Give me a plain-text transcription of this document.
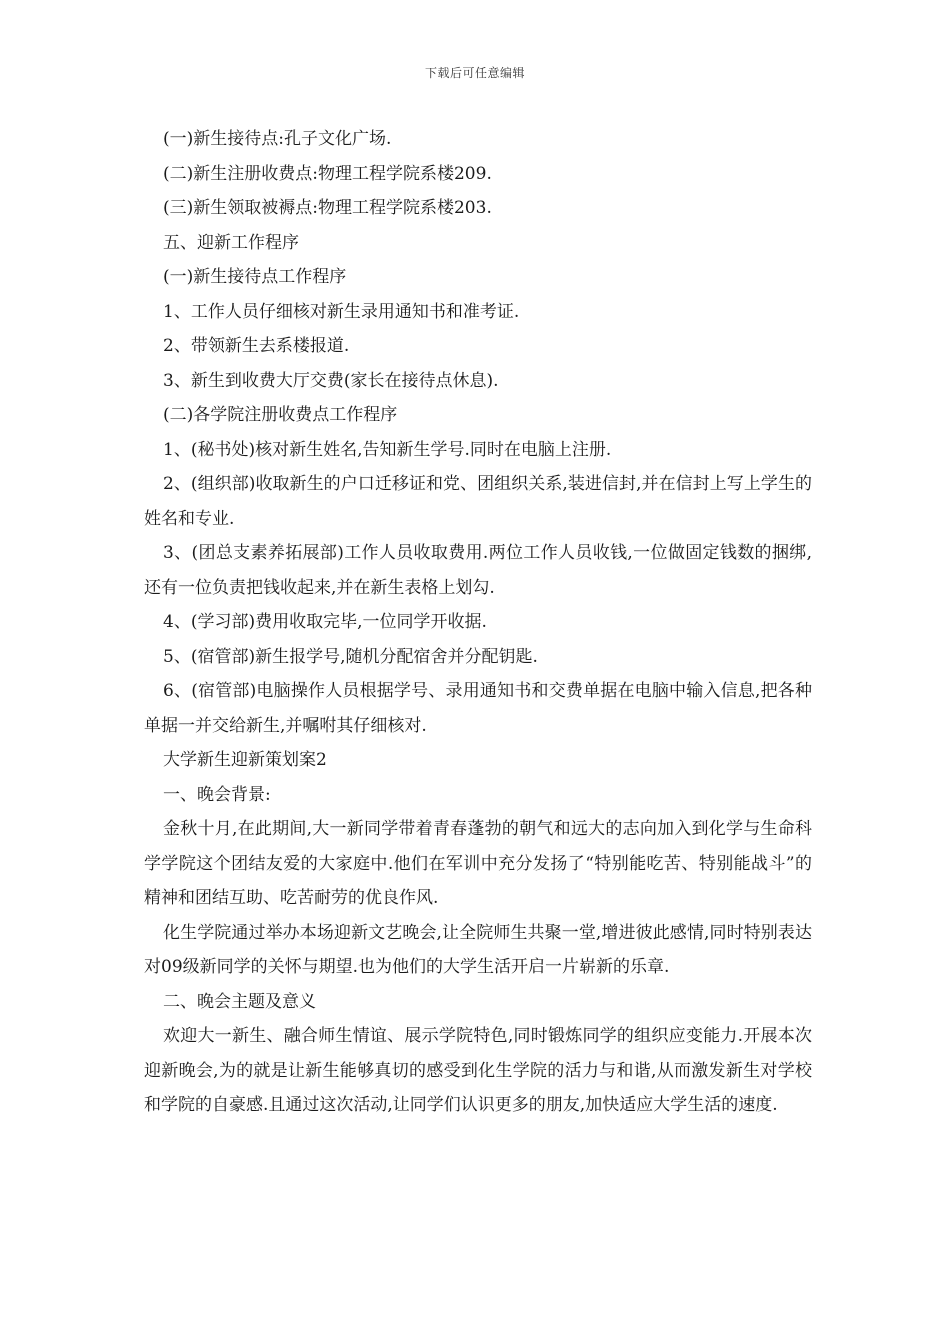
下载后可任意编辑

(一)新生接待点:孔子文化广场.

(二)新生注册收费点:物理工程学院系楼209.

(三)新生领取被褥点:物理工程学院系楼203.

五、迎新工作程序

(一)新生接待点工作程序

1、工作人员仔细核对新生录用通知书和准考证.

2、带领新生去系楼报道.

3、新生到收费大厅交费(家长在接待点休息).

(二)各学院注册收费点工作程序

1、(秘书处)核对新生姓名,告知新生学号.同时在电脑上注册.

2、(组织部)收取新生的户口迁移证和党、团组织关系,装进信封,并在信封上写上学生的姓名和专业.

3、(团总支素养拓展部)工作人员收取费用.两位工作人员收钱,一位做固定钱数的捆绑,还有一位负责把钱收起来,并在新生表格上划勾.

4、(学习部)费用收取完毕,一位同学开收据.

5、(宿管部)新生报学号,随机分配宿舍并分配钥匙.

6、(宿管部)电脑操作人员根据学号、录用通知书和交费单据在电脑中输入信息,把各种单据一并交给新生,并嘱咐其仔细核对.

大学新生迎新策划案2

一、晚会背景:

金秋十月,在此期间,大一新同学带着青春蓬勃的朝气和远大的志向加入到化学与生命科学学院这个团结友爱的大家庭中.他们在军训中充分发扬了“特别能吃苦、特别能战斗”的精神和团结互助、吃苦耐劳的优良作风.

化生学院通过举办本场迎新文艺晚会,让全院师生共聚一堂,增进彼此感情,同时特别表达对09级新同学的关怀与期望.也为他们的大学生活开启一片崭新的乐章.

二、晚会主题及意义

欢迎大一新生、融合师生情谊、展示学院特色,同时锻炼同学的组织应变能力.开展本次迎新晚会,为的就是让新生能够真切的感受到化生学院的活力与和谐,从而激发新生对学校和学院的自豪感.且通过这次活动,让同学们认识更多的朋友,加快适应大学生活的速度.
